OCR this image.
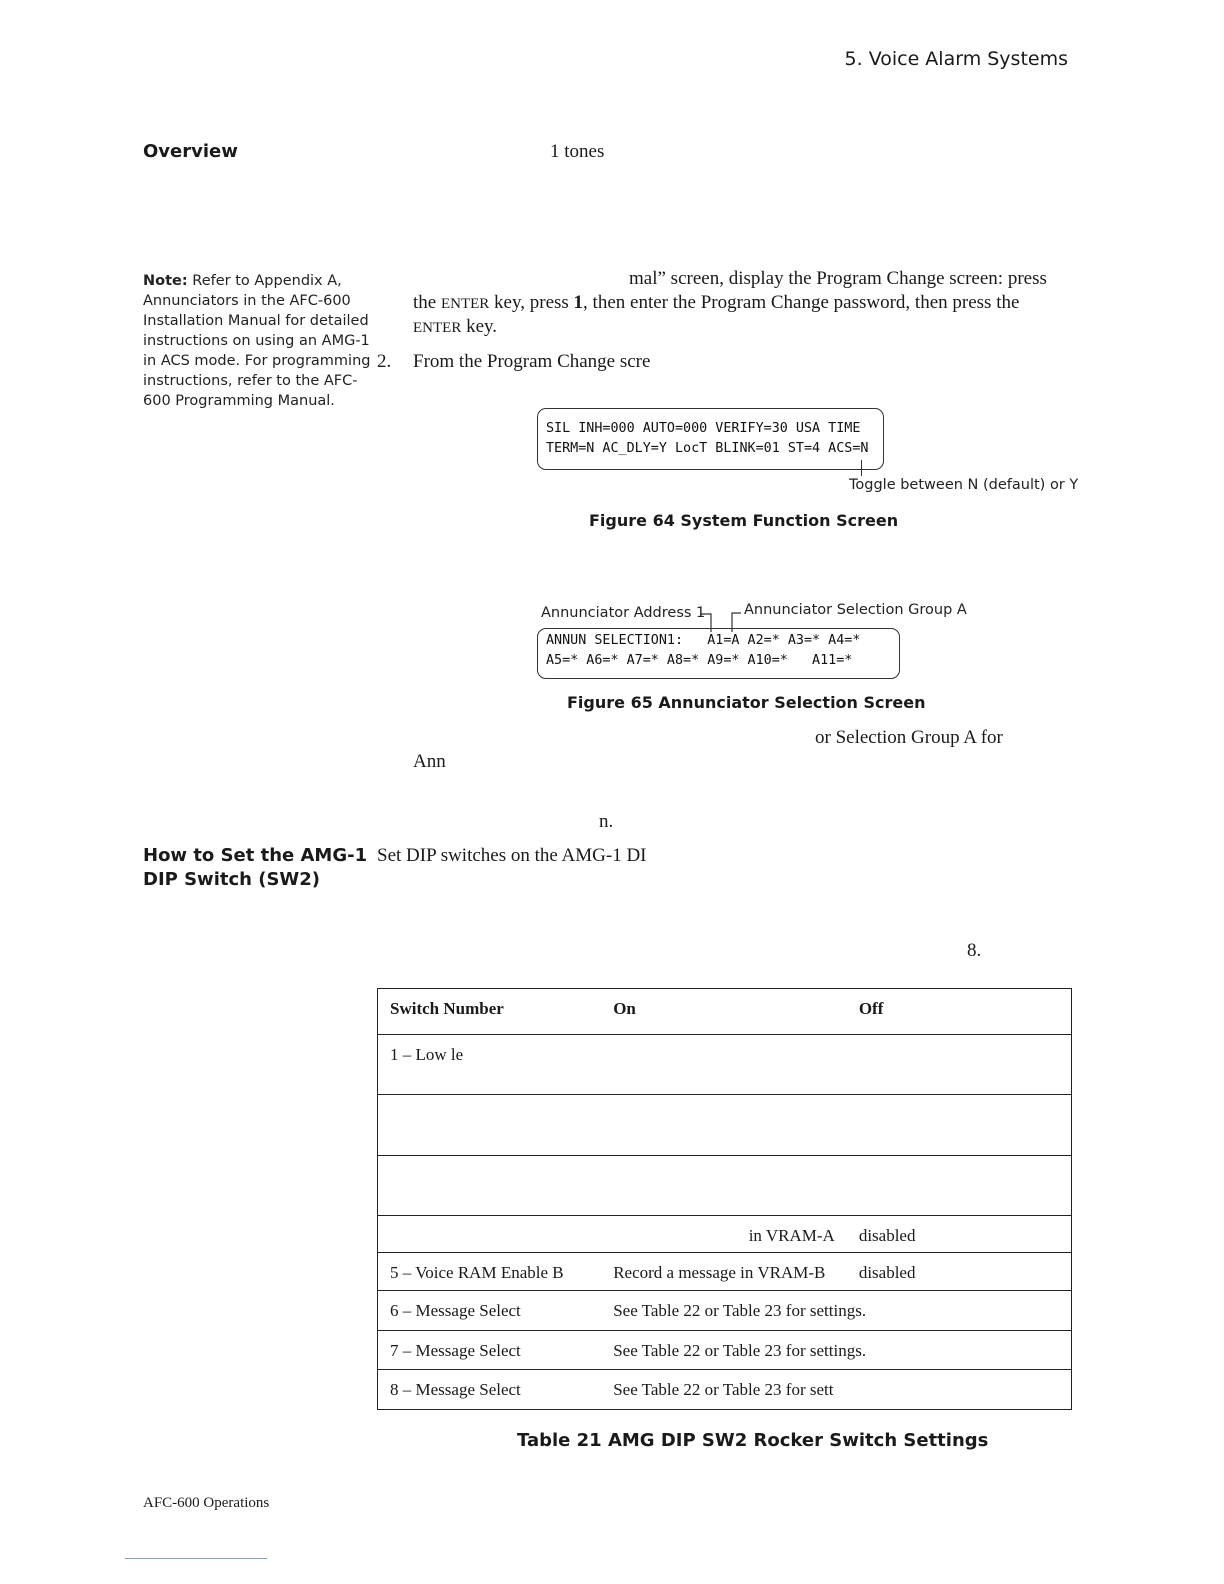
5. Voice Alarm Systems
Overview	1 tones
Note: Refer to Appendix A,
Annunciators in the AFC-600
Installation Manual for detailed
instructions on using an AMG-1
in ACS mode. For programming
instructions, refer to the AFC-
600 Programming Manual.
mal” screen, display the Program Change screen: press
the ENTER key, press 1, then enter the Program Change password, then press the
ENTER key.
2. From the Program Change scre
SIL INH=000 AUTO=000 VERIFY=30 USA TIME
TERM=N AC_DLY=Y LocT BLINK=01 ST=4 ACS=N
Toggle between N (default) or Y
Figure 64 System Function Screen
Annunciator Address 1	Annunciator Selection Group A
ANNUN SELECTION1:   A1=A A2=* A3=* A4=*
A5=* A6=* A7=* A8=* A9=* A10=*   A11=*
Figure 65 Annunciator Selection Screen
or Selection Group A for
Ann
n.
How to Set the AMG-1
DIP Switch (SW2)
Set DIP switches on the AMG-1 DI
8.
Switch Number	On	Off
1 – Low le		

	in VRAM-A	disabled
5 – Voice RAM Enable B	Record a message in VRAM-B	disabled
6 – Message Select	See Table 22 or Table 23 for settings.	
7 – Message Select	See Table 22 or Table 23 for settings.	
8 – Message Select	See Table 22 or Table 23 for sett	
Table 21 AMG DIP SW2 Rocker Switch Settings
AFC-600 Operations
